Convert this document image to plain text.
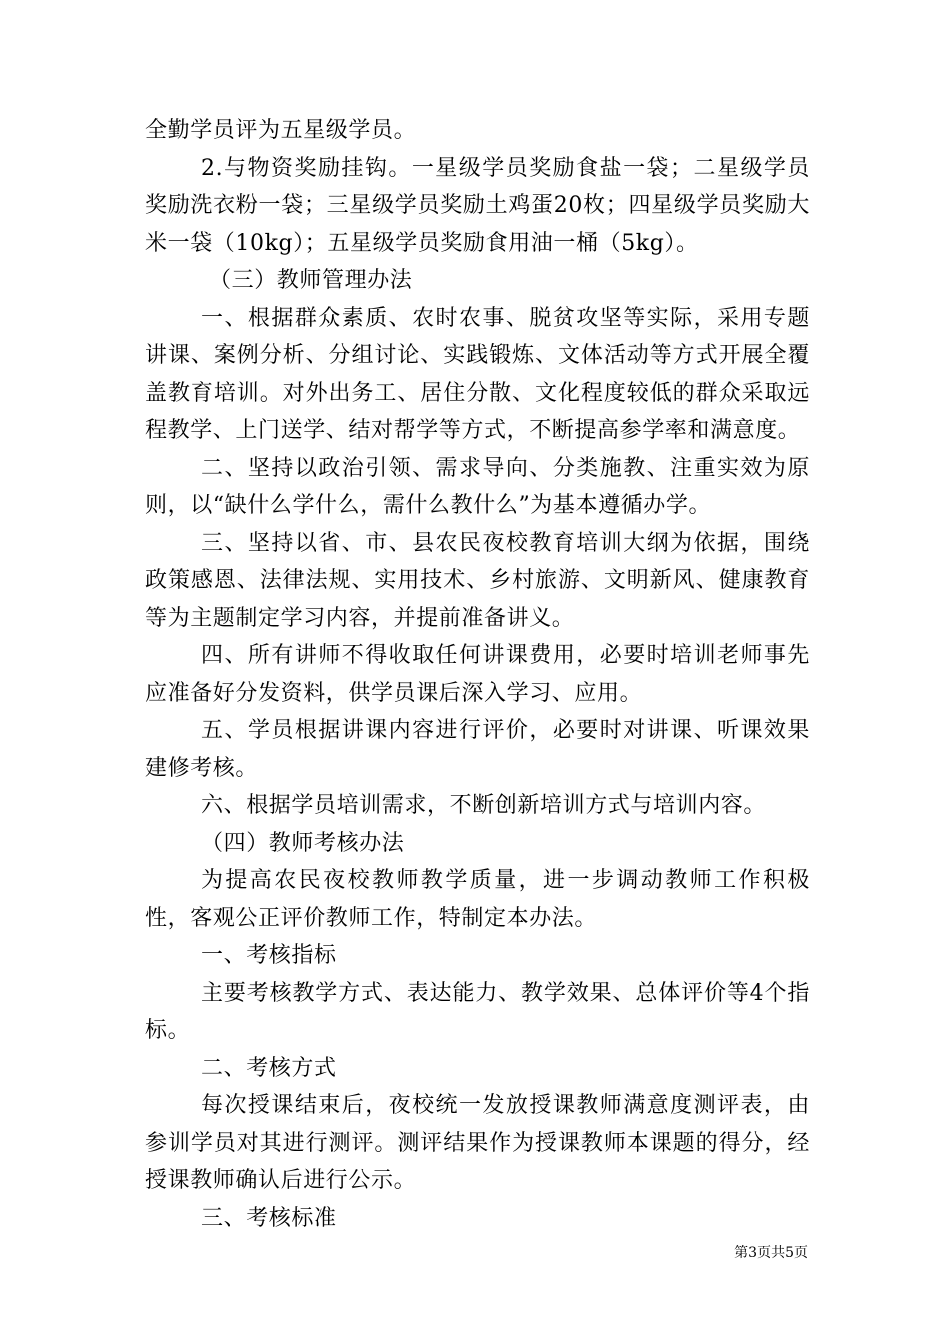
全勤学员评为五星级学员。

2.与物资奖励挂钩。一星级学员奖励食盐一袋；二星级学员奖励洗衣粉一袋；三星级学员奖励土鸡蛋20枚；四星级学员奖励大米一袋（10kg）；五星级学员奖励食用油一桶（5kg）。

（三）教师管理办法

一、根据群众素质、农时农事、脱贫攻坚等实际，采用专题讲课、案例分析、分组讨论、实践锻炼、文体活动等方式开展全覆盖教育培训。对外出务工、居住分散、文化程度较低的群众采取远程教学、上门送学、结对帮学等方式，不断提高参学率和满意度。

二、坚持以政治引领、需求导向、分类施教、注重实效为原则，以“缺什么学什么，需什么教什么”为基本遵循办学。

三、坚持以省、市、县农民夜校教育培训大纲为依据，围绕政策感恩、法律法规、实用技术、乡村旅游、文明新风、健康教育等为主题制定学习内容，并提前准备讲义。

四、所有讲师不得收取任何讲课费用，必要时培训老师事先应准备好分发资料，供学员课后深入学习、应用。

五、学员根据讲课内容进行评价，必要时对讲课、听课效果建修考核。

六、根据学员培训需求，不断创新培训方式与培训内容。

（四）教师考核办法

为提高农民夜校教师教学质量，进一步调动教师工作积极性，客观公正评价教师工作，特制定本办法。

一、考核指标

主要考核教学方式、表达能力、教学效果、总体评价等4个指标。

二、考核方式

每次授课结束后，夜校统一发放授课教师满意度测评表，由参训学员对其进行测评。测评结果作为授课教师本课题的得分，经授课教师确认后进行公示。

三、考核标准

第3页共5页
